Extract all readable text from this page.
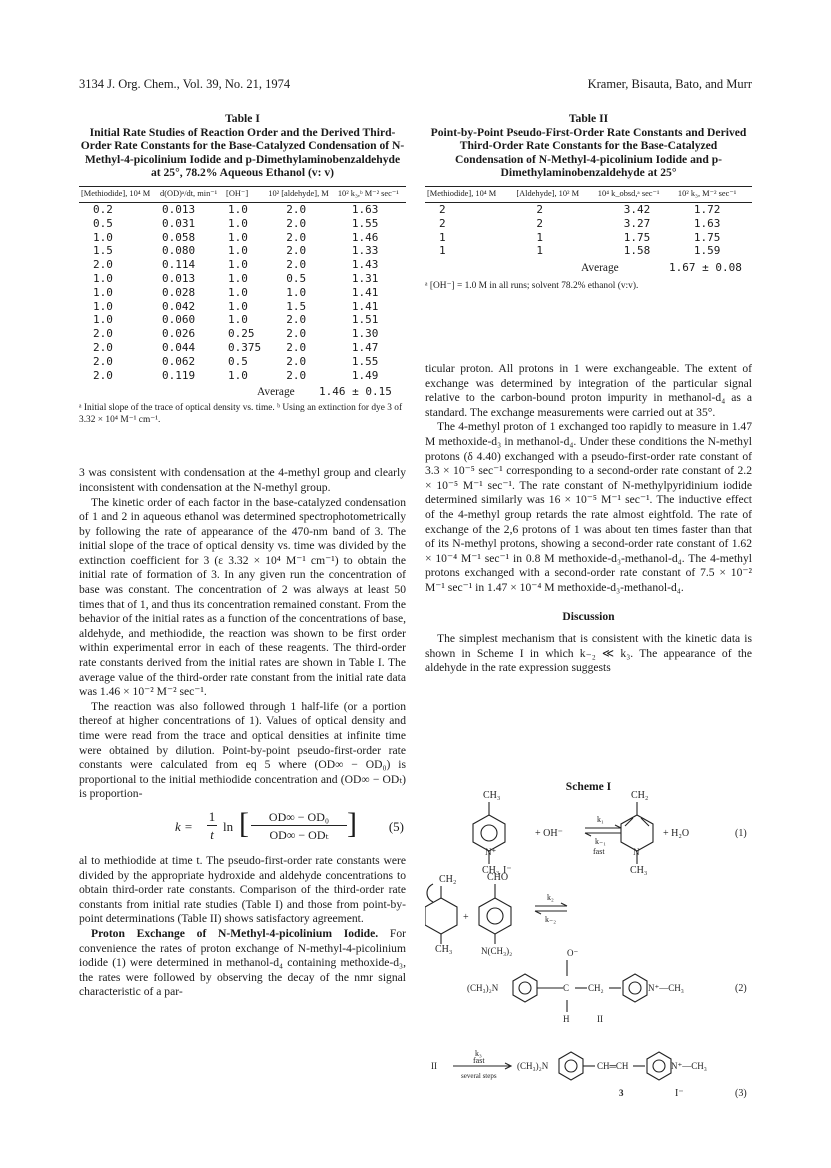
3134 J. Org. Chem., Vol. 39, No. 21, 1974	Kramer, Bisauta, Bato, and Murr
Table I
Initial Rate Studies of Reaction Order and the Derived Third-Order Rate Constants for the Base-Catalyzed Condensation of N-Methyl-4-picolinium Iodide and p-Dimethylaminobenzaldehyde at 25°, 78.2% Aqueous Ethanol (v: v)
[Methiodide], 10⁴ M	d(OD)ᵃ/dt, min⁻¹	[OH⁻]	10² [aldehyde], M	10² k₃,ᵇ M⁻² sec⁻¹
0.2	0.013	1.0	2.0	1.63
0.5	0.031	1.0	2.0	1.55
1.0	0.058	1.0	2.0	1.46
1.5	0.080	1.0	2.0	1.33
2.0	0.114	1.0	2.0	1.43
1.0	0.013	1.0	0.5	1.31
1.0	0.028	1.0	1.0	1.41
1.0	0.042	1.0	1.5	1.41
1.0	0.060	1.0	2.0	1.51
2.0	0.026	0.25	2.0	1.30
2.0	0.044	0.375	2.0	1.47
2.0	0.062	0.5	2.0	1.55
2.0	0.119	1.0	2.0	1.49

Average 1.46 ± 0.15
ᵃ Initial slope of the trace of optical density vs. time. ᵇ Using an extinction for dye 3 of 3.32 × 10⁴ M⁻¹ cm⁻¹.

3 was consistent with condensation at the 4-methyl group and clearly inconsistent with condensation at the N-methyl group.

The kinetic order of each factor in the base-catalyzed condensation of 1 and 2 in aqueous ethanol was determined spectrophotometrically by following the rate of appearance of the 470-nm band of 3. The initial slope of the trace of optical density vs. time was divided by the extinction coefficient for 3 (ε 3.32 × 10⁴ M⁻¹ cm⁻¹) to obtain the initial rate of formation of 3. In any given run the concentration of base was constant. The concentration of 2 was always at least 50 times that of 1, and thus its concentration remained constant. From the behavior of the initial rates as a function of the concentrations of base, aldehyde, and methiodide, the reaction was shown to be first order within experimental error in each of these reagents. The third-order rate constants derived from the initial rates are shown in Table I. The average value of the third-order rate constant from the initial rate data was 1.46 × 10⁻² M⁻² sec⁻¹.

The reaction was also followed through 1 half-life (or a portion thereof at higher concentrations of 1). Values of optical density and time were read from the trace and optical densities at infinite time were obtained by dilution. Point-by-point pseudo-first-order rate constants were calculated from eq 5 where (OD∞ − OD₀) is proportional to the initial methiodide concentration and (OD∞ − ODₜ) is proportion-

k =
1
t
ln [	OD∞ − OD₀
OD∞ − ODₜ ] (5)

al to methiodide at time t. The pseudo-first-order rate constants were divided by the appropriate hydroxide and aldehyde concentrations to obtain third-order rate constants. Comparison of the third-order rate constants from initial rate studies (Table I) and those from point-by-point determinations (Table II) shows satisfactory agreement.

Proton Exchange of N-Methyl-4-picolinium Iodide. For convenience the rates of proton exchange of N-methyl-4-picolinium iodide (1) were determined in methanol-d₄ containing methoxide-d₃, the rates were followed by observing the decay of the nmr signal characteristic of a par-

Table II
Point-by-Point Pseudo-First-Order Rate Constants and Derived Third-Order Rate Constants for the Base-Catalyzed Condensation of N-Methyl-4-picolinium Iodide and p-Dimethylaminobenzaldehyde at 25°
[Methiodide], 10⁴ M	[Aldehyde], 10² M	10⁴ k_obsd,ᵃ sec⁻¹	10² k₃, M⁻² sec⁻¹
2	2	3.42	1.72
2	2	3.27	1.63
1	1	1.75	1.75
1	1	1.58	1.59

Average	1.67 ± 0.08
ᵃ [OH⁻] = 1.0 M in all runs; solvent 78.2% ethanol (v:v).

ticular proton. All protons in 1 were exchangeable. The extent of exchange was determined by integration of the particular signal relative to the carbon-bound proton impurity in methanol-d₄ as a standard. The exchange measurements were carried out at 35°.

The 4-methyl proton of 1 exchanged too rapidly to measure in 1.47 M methoxide-d₃ in methanol-d₄. Under these conditions the N-methyl protons (δ 4.40) exchanged with a pseudo-first-order rate constant of 3.3 × 10⁻⁵ sec⁻¹ corresponding to a second-order rate constant of 2.2 × 10⁻⁵ M⁻¹ sec⁻¹. The rate constant of N-methylpyridinium iodide determined similarly was 16 × 10⁻⁵ M⁻¹ sec⁻¹. The inductive effect of the 4-methyl group retards the rate almost eightfold. The rate of exchange of the 2,6 protons of 1 was about ten times faster than that of its N-methyl protons, showing a second-order rate constant of 1.62 × 10⁻⁴ M⁻¹ sec⁻¹ in 0.8 M methoxide-d₃-methanol-d₄. The 4-methyl protons exchanged with a second-order rate constant of 7.5 × 10⁻² M⁻¹ sec⁻¹ in 1.47 × 10⁻⁴ M methoxide-d₃-methanol-d₄.

Discussion

The simplest mechanism that is consistent with the kinetic data is shown in Scheme I in which k₋₂ ≪ k₃. The appearance of the aldehyde in the rate expression suggests

Scheme I
CH₃
CH₃ I⁻
N⁺
+ OH⁻
k₁
k₋₁
fast
CH₂
N
CH₃
+ H₂O	(1)
CH₂
CH₃
+
CHO
N(CH₃)₂
k₂
k₋₂
O⁻
(CH₃)₂N	C CH₂	N⁺—CH₃
H	II
(2)
II
k₃
fast
several steps
(CH₃)₂N	CH═CH	N⁺—CH₃
3	I⁻	(3)
